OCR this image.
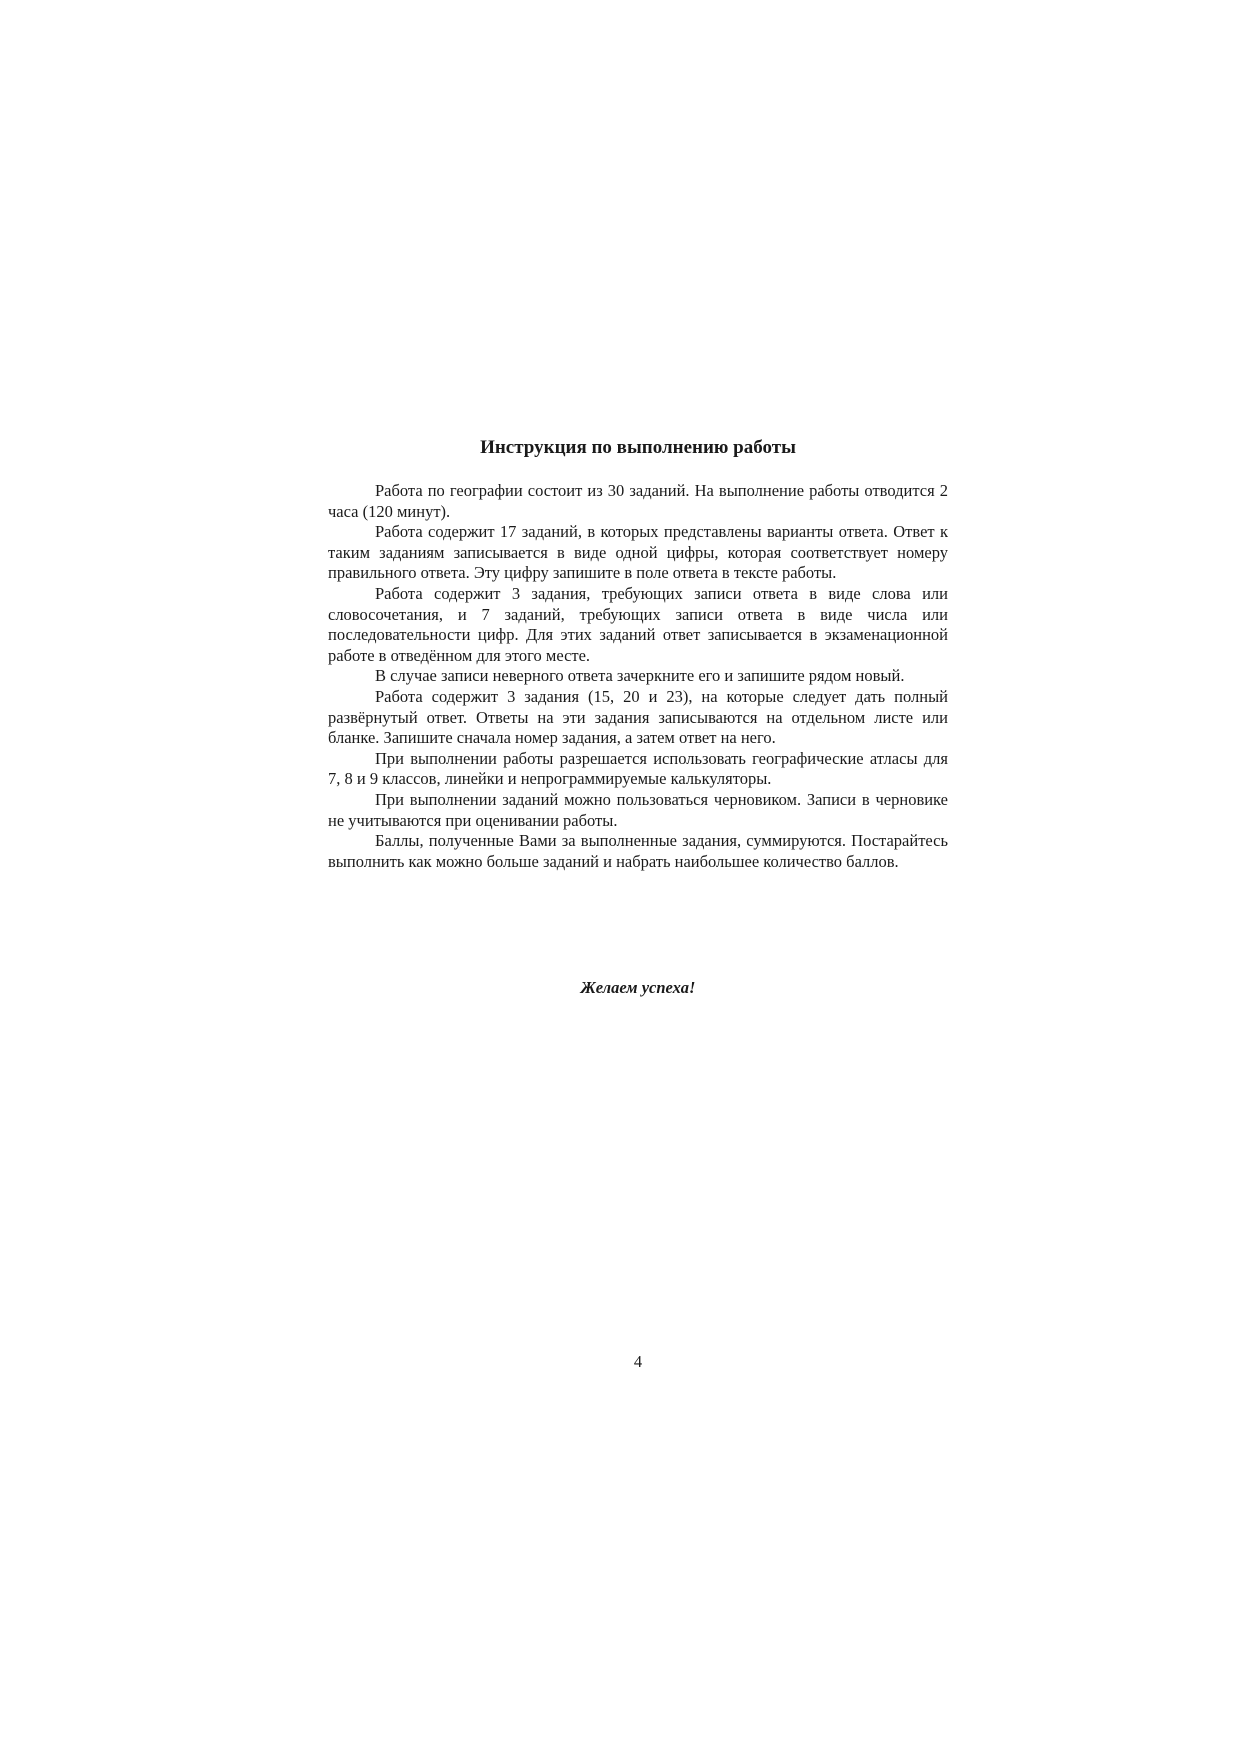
Инструкция по выполнению работы

Работа по географии состоит из 30 заданий. На выполнение работы отводится 2 часа (120 минут).

Работа содержит 17 заданий, в которых представлены варианты ответа. Ответ к таким заданиям записывается в виде одной цифры, которая соответствует номеру правильного ответа. Эту цифру запишите в поле ответа в тексте работы.

Работа содержит 3 задания, требующих записи ответа в виде слова или словосочетания, и 7 заданий, требующих записи ответа в виде числа или последовательности цифр. Для этих заданий ответ записывается в экзаменационной работе в отведённом для этого месте.

В случае записи неверного ответа зачеркните его и запишите рядом новый.

Работа содержит 3 задания (15, 20 и 23), на которые следует дать полный развёрнутый ответ. Ответы на эти задания записываются на отдельном листе или бланке. Запишите сначала номер задания, а затем ответ на него.

При выполнении работы разрешается использовать географические атласы для 7, 8 и 9 классов, линейки и непрограммируемые калькуляторы.

При выполнении заданий можно пользоваться черновиком. Записи в черновике не учитываются при оценивании работы.

Баллы, полученные Вами за выполненные задания, суммируются. Постарайтесь выполнить как можно больше заданий и набрать наибольшее количество баллов.

Желаем успеха!

4
